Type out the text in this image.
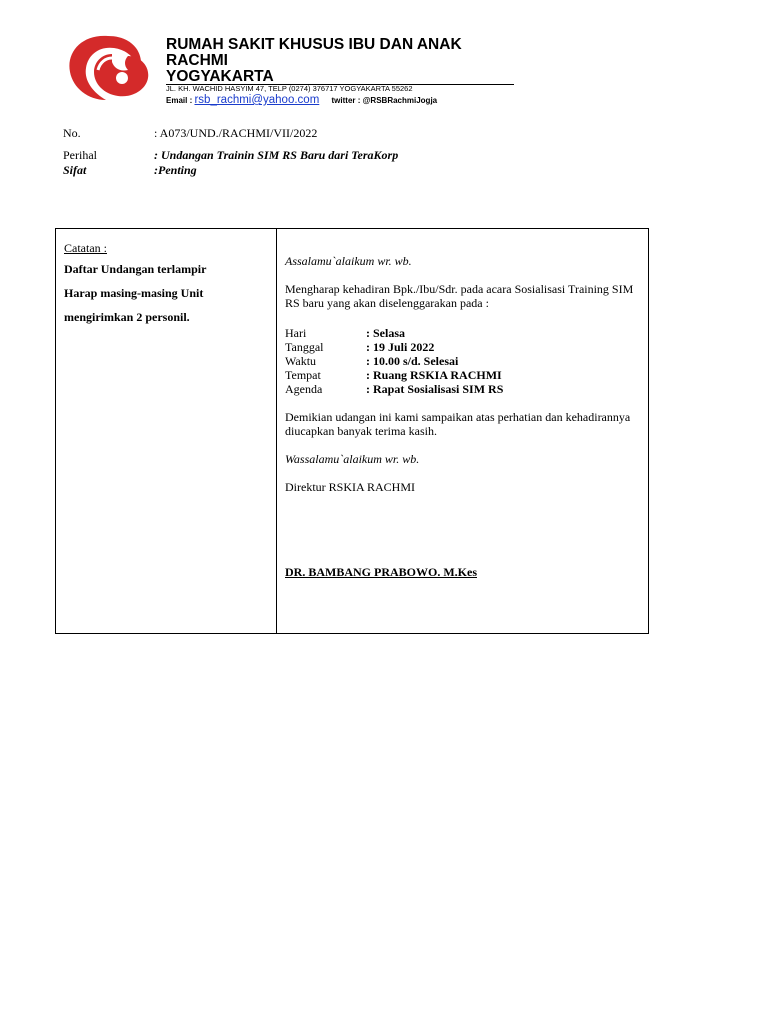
RUMAH SAKIT KHUSUS IBU DAN ANAK
RACHMI
YOGYAKARTA
JL. KH. WACHID HASYIM 47, TELP (0274) 376717 YOGYAKARTA 55262
Email : rsb_rachmi@yahoo.com twitter : @RSBRachmiJogja
No.	: A073/UND./RACHMI/VII/2022
Perihal	: Undangan Trainin SIM RS Baru dari TeraKorp
Sifat	:Penting
Catatan :
Daftar Undangan terlampir
Harap masing-masing Unit
mengirimkan 2 personil.

Assalamu`alaikum wr. wb.

Mengharap kehadiran Bpk./Ibu/Sdr. pada acara Sosialisasi Training SIM RS baru yang akan diselenggarakan pada :

Hari	: Selasa
Tanggal	: 19 Juli 2022
Waktu	: 10.00 s/d. Selesai
Tempat	: Ruang RSKIA RACHMI
Agenda	: Rapat Sosialisasi SIM RS

Demikian udangan ini kami sampaikan atas perhatian dan kehadirannya diucapkan banyak terima kasih.

Wassalamu`alaikum wr. wb.

Direktur RSKIA RACHMI

DR. BAMBANG PRABOWO. M.Kes
